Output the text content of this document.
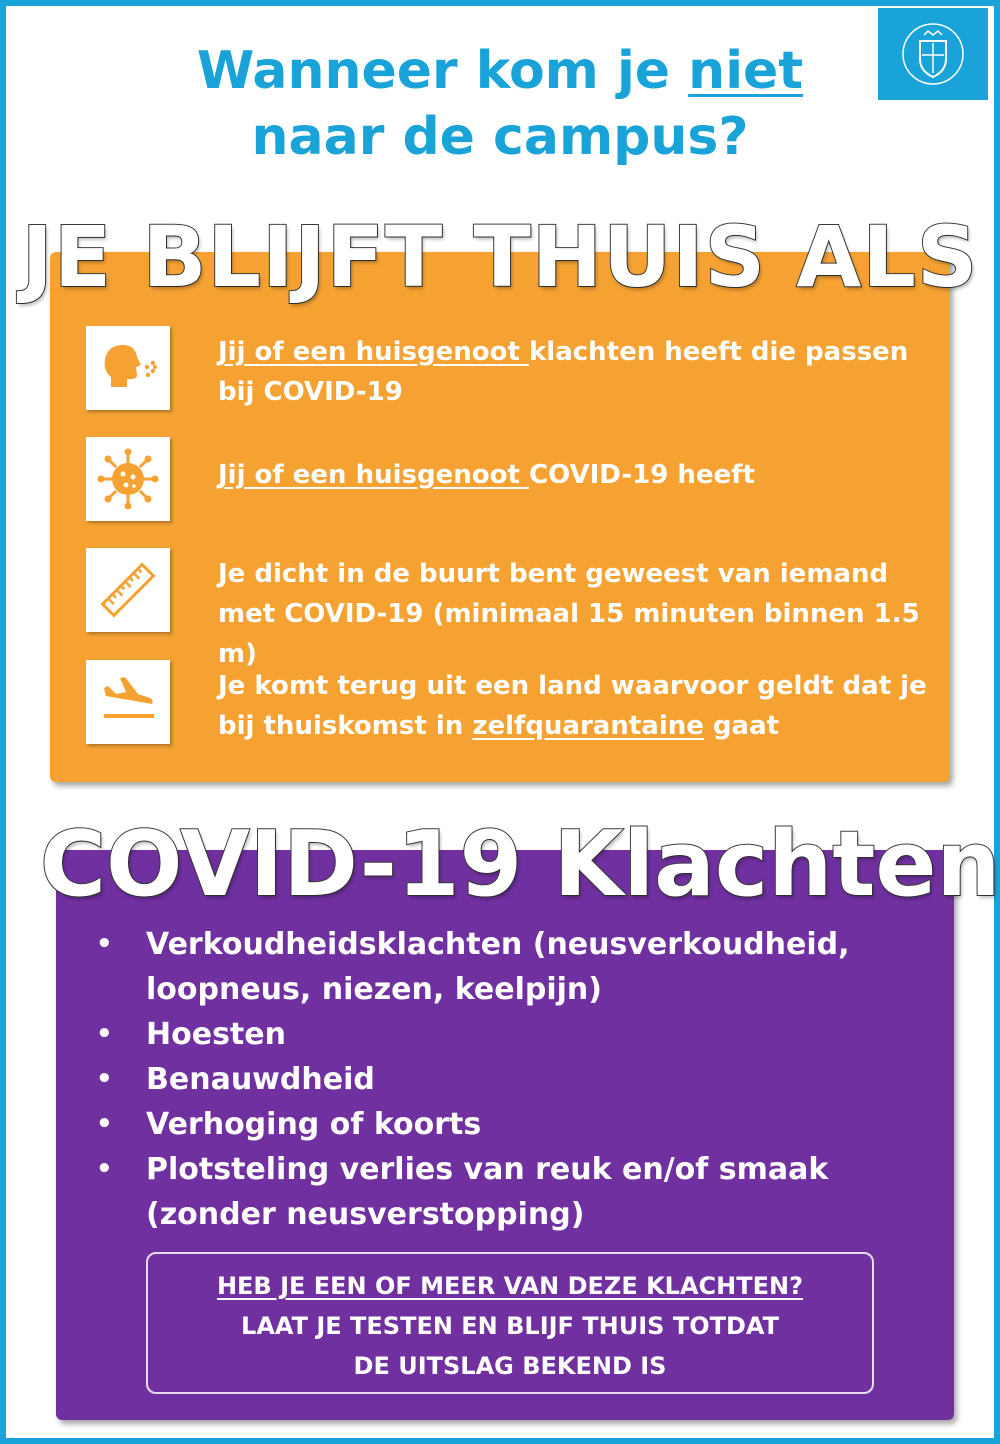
Wanneer kom je niet
naar de campus?
JE BLIJFT THUIS ALS
Jij of een huisgenoot klachten heeft die passen bij COVID-19
Jij of een huisgenoot COVID-19 heeft
Je dicht in de buurt bent geweest van iemand met COVID-19 (minimaal 15 minuten binnen 1.5 m)
Je komt terug uit een land waarvoor geldt dat je bij thuiskomst in zelfquarantaine gaat
COVID-19 Klachten
• Verkoudheidsklachten (neusverkoudheid, loopneus, niezen, keelpijn)
• Hoesten
• Benauwdheid
• Verhoging of koorts
• Plotsteling verlies van reuk en/of smaak (zonder neusverstopping)
HEB JE EEN OF MEER VAN DEZE KLACHTEN?
LAAT JE TESTEN EN BLIJF THUIS TOTDAT
DE UITSLAG BEKEND IS
